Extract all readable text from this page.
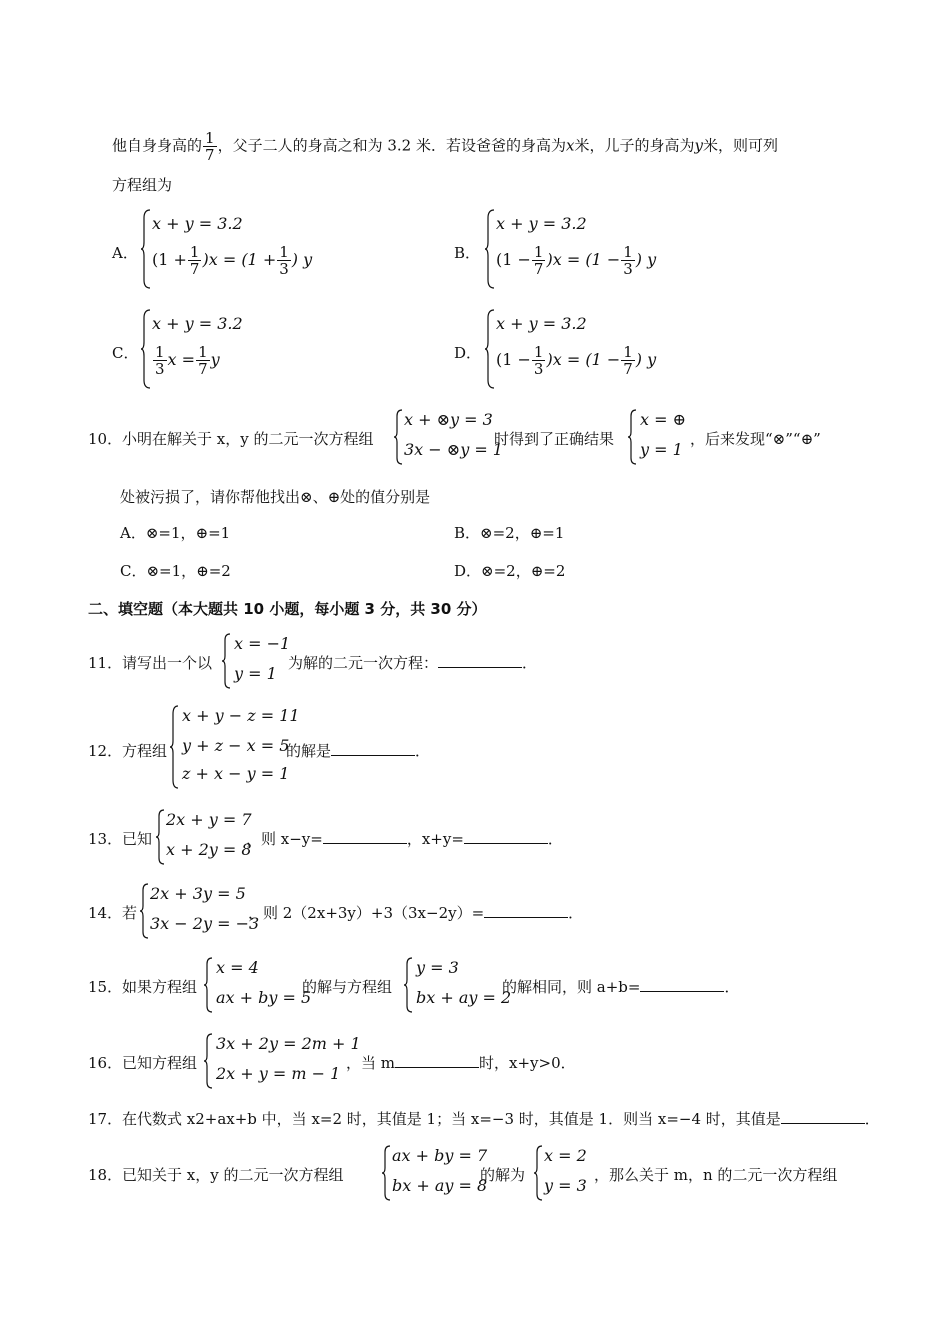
他自身身高的 $\frac{1}{7}$ ，父子二人的身高之和为 3.2 米．若设爸爸的身高为x米，儿子的身高为y米，则可列
方程组为
A．
x + y = 3.2
$(1 + \frac{1}{7} )x = (1 + \frac{1}{3}$ ) y	B．
x + y = 3.2
$(1 - \frac{1}{7} )x = (1 - \frac{1}{3}$ ) y
C．
x + y = 3.2
$\frac{1}{3}$ $x = \frac{1}{7}$ y	D．
x + y = 3.2
$(1 - \frac{1}{3} )x = (1 - \frac{1}{7}$ ) y
10． 小明在解关于 x，y 的二元一次方程组
x + ⊗y = 3
3x − ⊗y = 1
时得到了正确结果
x = ⊕
y = 1
，后来发现“⊗”“⊕”
处被污损了，请你帮他找出⊗、⊕处的值分别是
A．⊗=1，⊕=1	B．⊗=2，⊕=1
C．⊗=1，⊕=2	D．⊗=2，⊕=2
二、填空题（本大题共 10 小题，每小题 3 分，共 30 分）
11． 请写出一个以
x = −1
y = 1
为解的二元一次方程：	．
12． 方程组
x + y − z = 11
y + z − x = 5
z + x − y = 1
的解是	．
13． 已知
2x + y = 7
x + 2y = 8
，则 x−y=	，x+y=	．
14． 若
2x + 3y = 5
3x − 2y = −3
，则 2（2x+3y）+3（3x−2y）=	．
15． 如果方程组
x = 4
ax + by = 5
的解与方程组
y = 3
bx + ay = 2
的解相同，则 a+b=	．
16． 已知方程组
3x + 2y = 2m + 1
2x + y = m − 1
，当 m	时，x+y>0．
17． 在代数式 x2+ax+b 中，当 x=2 时，其值是 1；当 x=−3 时，其值是 1．则当 x=−4 时，其值是	．
18． 已知关于 x，y 的二元一次方程组
ax + by = 7
bx + ay = 8
的解为
x = 2
y = 3
，那么关于 m，n 的二元一次方程组
